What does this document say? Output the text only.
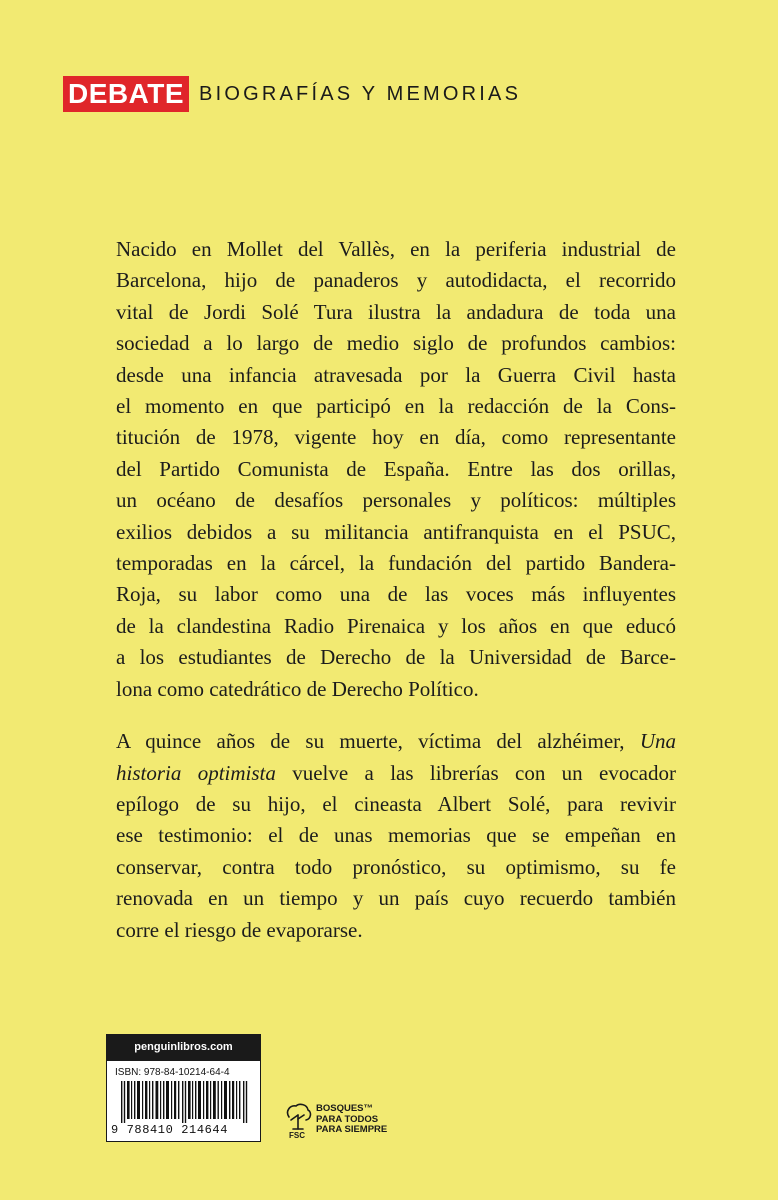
DEBATE BIOGRAFÍAS Y MEMORIAS

Nacido en Mollet del Vallès, en la periferia industrial de
Barcelona, hijo de panaderos y autodidacta, el recorrido
vital de Jordi Solé Tura ilustra la andadura de toda una
sociedad a lo largo de medio siglo de profundos cambios:
desde una infancia atravesada por la Guerra Civil hasta
el momento en que participó en la redacción de la Cons-
titución de 1978, vigente hoy en día, como representante
del Partido Comunista de España. Entre las dos orillas,
un océano de desafíos personales y políticos: múltiples
exilios debidos a su militancia antifranquista en el PSUC,
temporadas en la cárcel, la fundación del partido Bandera-
Roja, su labor como una de las voces más influyentes
de la clandestina Radio Pirenaica y los años en que educó
a los estudiantes de Derecho de la Universidad de Barce-
lona como catedrático de Derecho Político.

A quince años de su muerte, víctima del alzhéimer, Una
historia optimista vuelve a las librerías con un evocador
epílogo de su hijo, el cineasta Albert Solé, para revivir
ese testimonio: el de unas memorias que se empeñan en
conservar, contra todo pronóstico, su optimismo, su fe
renovada en un tiempo y un país cuyo recuerdo también
corre el riesgo de evaporarse.

penguinlibros.com
ISBN: 978-84-10214-64-4
9 788410 214644	FSC
BOSQUES™
PARA TODOS
PARA SIEMPRE
